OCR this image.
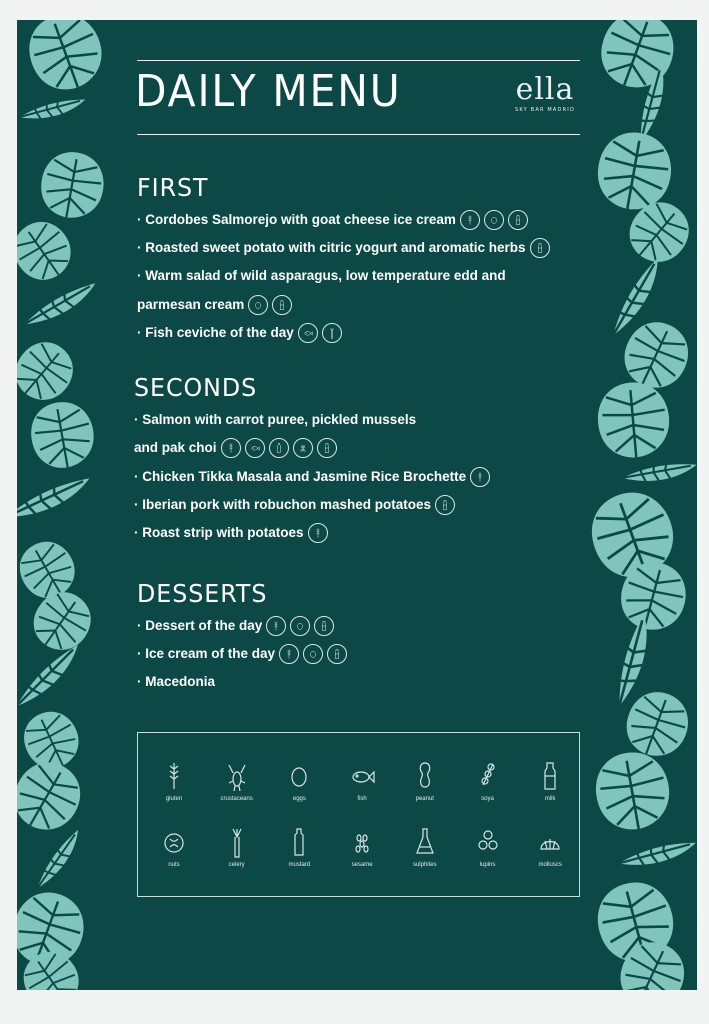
DAILY MENU	ella
SKY BAR MADRID
FIRST
· Cordobes Salmorejo with goat cheese ice cream
· Roasted sweet potato with citric yogurt and aromatic herbs
· Warm salad of wild asparagus, low temperature edd and
parmesan cream
· Fish ceviche of the day
SECONDS
· Salmon with carrot puree, pickled mussels
and pak choi
· Chicken Tikka Masala and Jasmine Rice Brochette
· Iberian pork with robuchon mashed potatoes
· Roast strip with potatoes
DESSERTS
· Dessert of the day
· Ice cream of the day
· Macedonia
gluten	crustaceans	eggs	fish	peanut	soya	milk
nuts	celery	mustard	sesame	sulphites	lupins	molluscs
